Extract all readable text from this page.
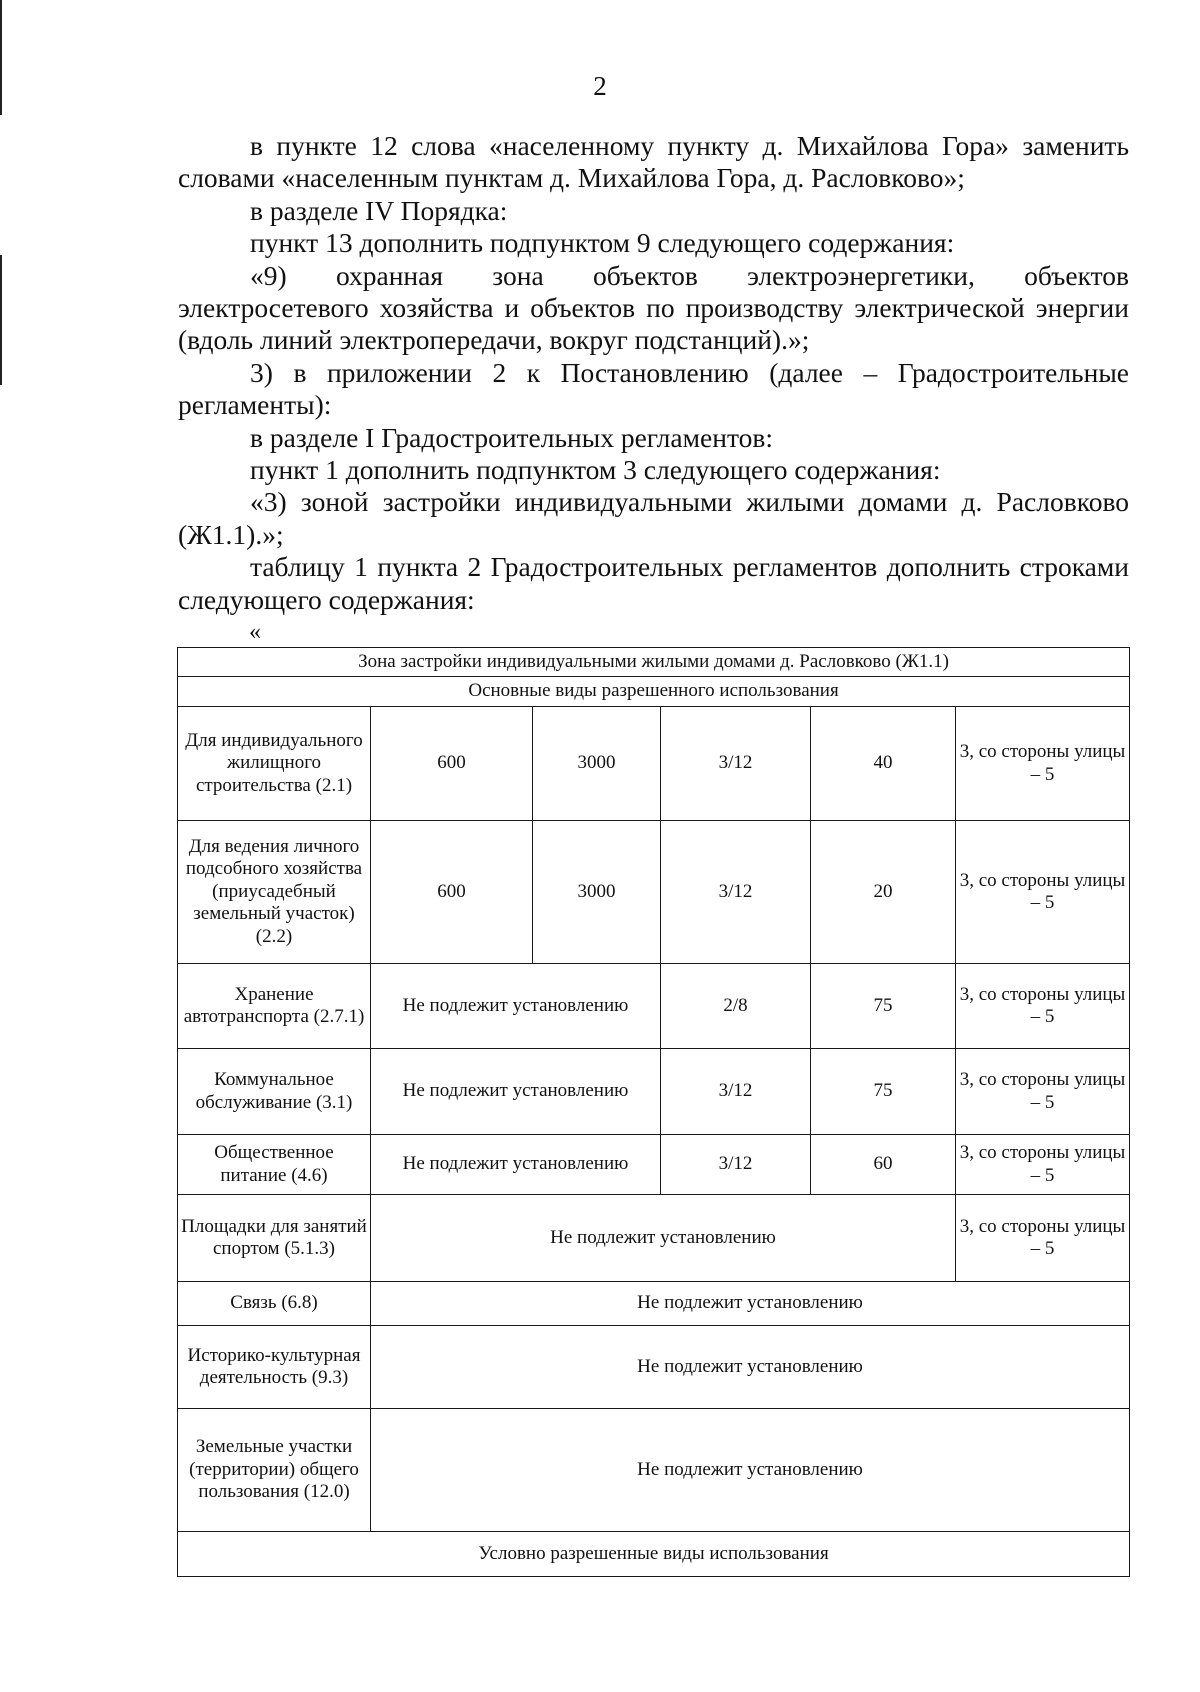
2

в пункте 12 слова «населенному пункту д. Михайлова Гора» заменить словами «населенным пунктам д. Михайлова Гора, д. Расловково»;

в разделе IV Порядка:

пункт 13 дополнить подпунктом 9 следующего содержания:

«9) охранная зона объектов электроэнергетики, объектов

электросетевого хозяйства и объектов по производству электрической энергии (вдоль линий электропередачи, вокруг подстанций).»;

3) в приложении 2 к Постановлению (далее – Градостроительные регламенты):

в разделе I Градостроительных регламентов:

пункт 1 дополнить подпунктом 3 следующего содержания:

«3) зоной застройки индивидуальными жилыми домами д. Расловково (Ж1.1).»;

таблицу 1 пункта 2 Градостроительных регламентов дополнить строками следующего содержания:

«
Зона застройки индивидуальными жилыми домами д. Расловково (Ж1.1)					
Основные виды разрешенного использования					
Для индивидуального жилищного строительства (2.1)	600	3000	3/12	40	3, со стороны улицы – 5
Для ведения личного подсобного хозяйства (приусадебный земельный участок) (2.2)	600	3000	3/12	20	3, со стороны улицы – 5
Хранение автотранспорта (2.7.1)	Не подлежит установлению		2/8	75	3, со стороны улицы – 5
Коммунальное обслуживание (3.1)	Не подлежит установлению		3/12	75	3, со стороны улицы – 5
Общественное питание (4.6)	Не подлежит установлению		3/12	60	3, со стороны улицы – 5
Площадки для занятий спортом (5.1.3)	Не подлежит установлению				3, со стороны улицы – 5
Связь (6.8)	Не подлежит установлению				
Историко-культурная деятельность (9.3)	Не подлежит установлению				
Земельные участки (территории) общего пользования (12.0)	Не подлежит установлению				
Условно разрешенные виды использования					
